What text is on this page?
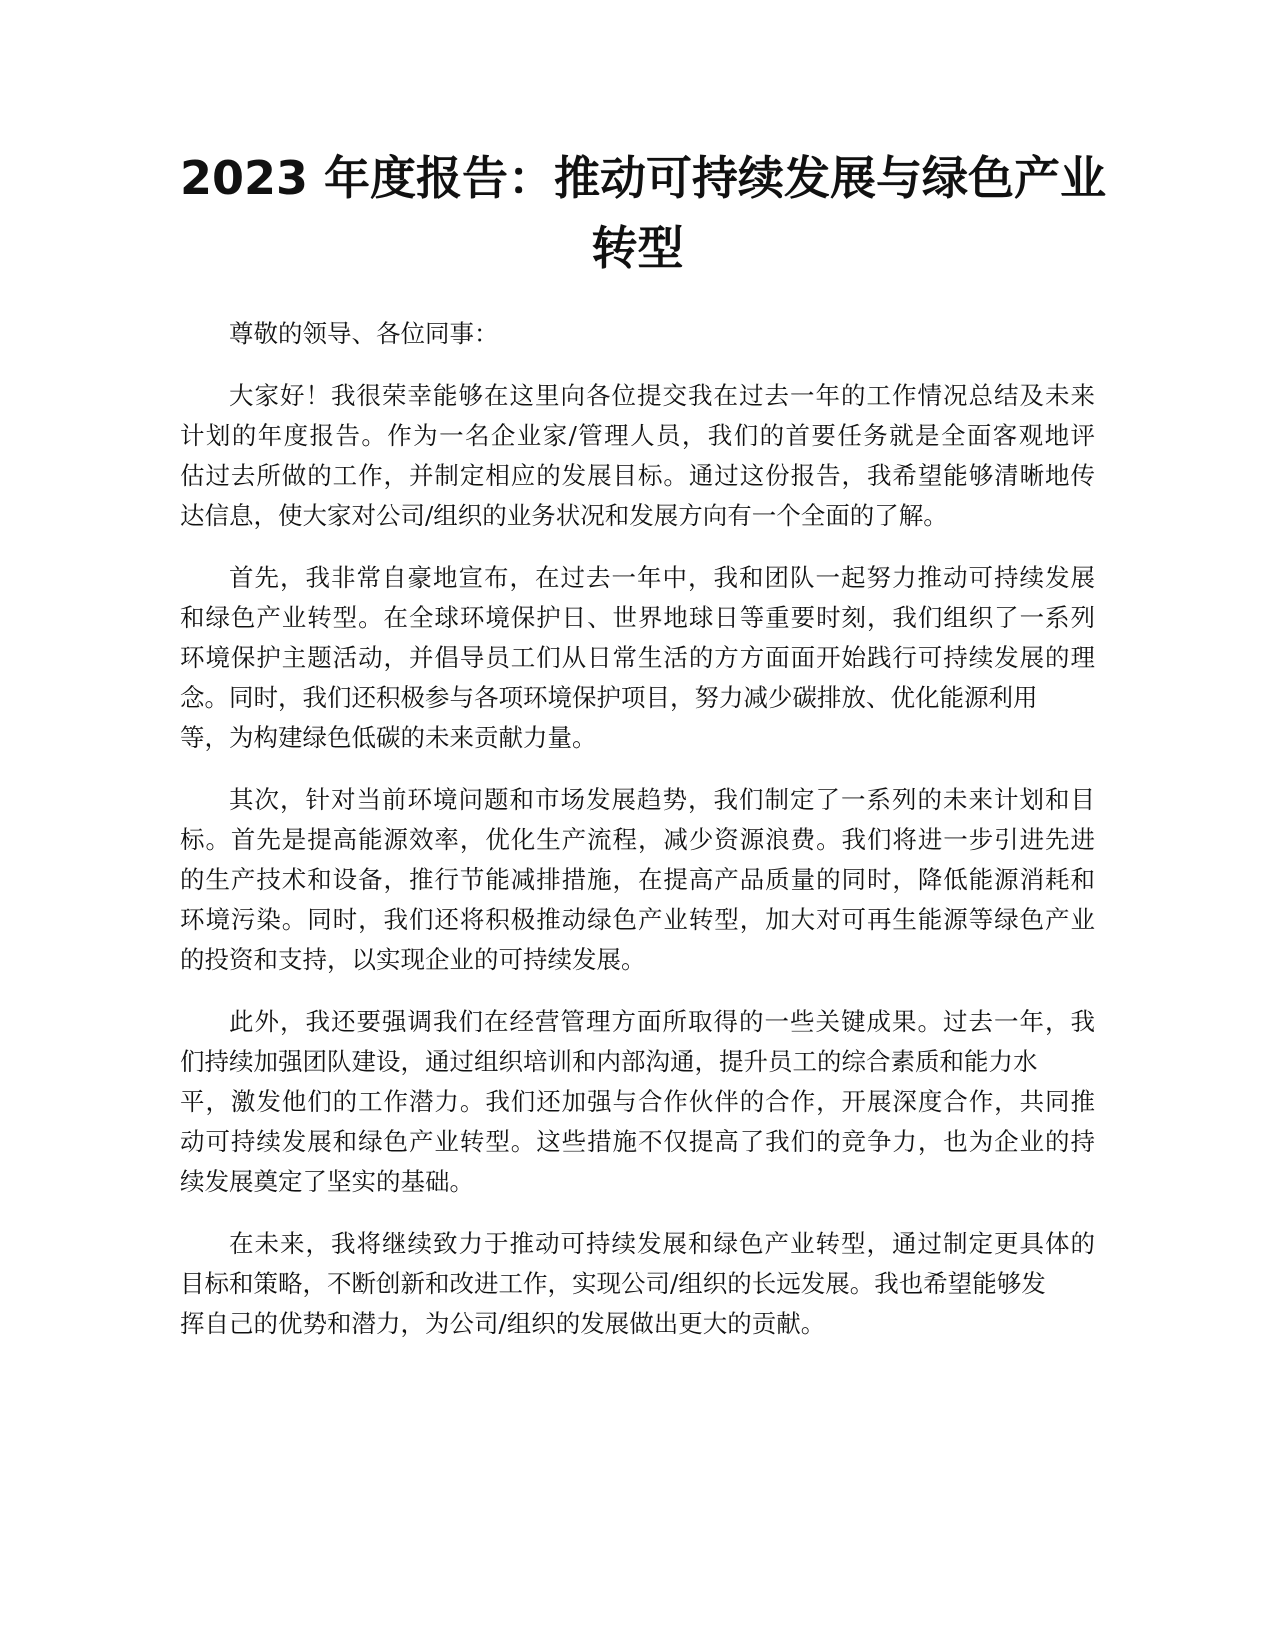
2023 年度报告：推动可持续发展与绿色产业
转型
尊敬的领导、各位同事：
大家好！我很荣幸能够在这里向各位提交我在过去一年的工作情况总结及未来
计划的年度报告。作为一名企业家/管理人员，我们的首要任务就是全面客观地评
估过去所做的工作，并制定相应的发展目标。通过这份报告，我希望能够清晰地传
达信息，使大家对公司/组织的业务状况和发展方向有一个全面的了解。
首先，我非常自豪地宣布，在过去一年中，我和团队一起努力推动可持续发展
和绿色产业转型。在全球环境保护日、世界地球日等重要时刻，我们组织了一系列
环境保护主题活动，并倡导员工们从日常生活的方方面面开始践行可持续发展的理
念。同时，我们还积极参与各项环境保护项目，努力减少碳排放、优化能源利用
等，为构建绿色低碳的未来贡献力量。
其次，针对当前环境问题和市场发展趋势，我们制定了一系列的未来计划和目
标。首先是提高能源效率，优化生产流程，减少资源浪费。我们将进一步引进先进
的生产技术和设备，推行节能减排措施，在提高产品质量的同时，降低能源消耗和
环境污染。同时，我们还将积极推动绿色产业转型，加大对可再生能源等绿色产业
的投资和支持，以实现企业的可持续发展。
此外，我还要强调我们在经营管理方面所取得的一些关键成果。过去一年，我
们持续加强团队建设，通过组织培训和内部沟通，提升员工的综合素质和能力水
平，激发他们的工作潜力。我们还加强与合作伙伴的合作，开展深度合作，共同推
动可持续发展和绿色产业转型。这些措施不仅提高了我们的竞争力，也为企业的持
续发展奠定了坚实的基础。
在未来，我将继续致力于推动可持续发展和绿色产业转型，通过制定更具体的
目标和策略，不断创新和改进工作，实现公司/组织的长远发展。我也希望能够发
挥自己的优势和潜力，为公司/组织的发展做出更大的贡献。
